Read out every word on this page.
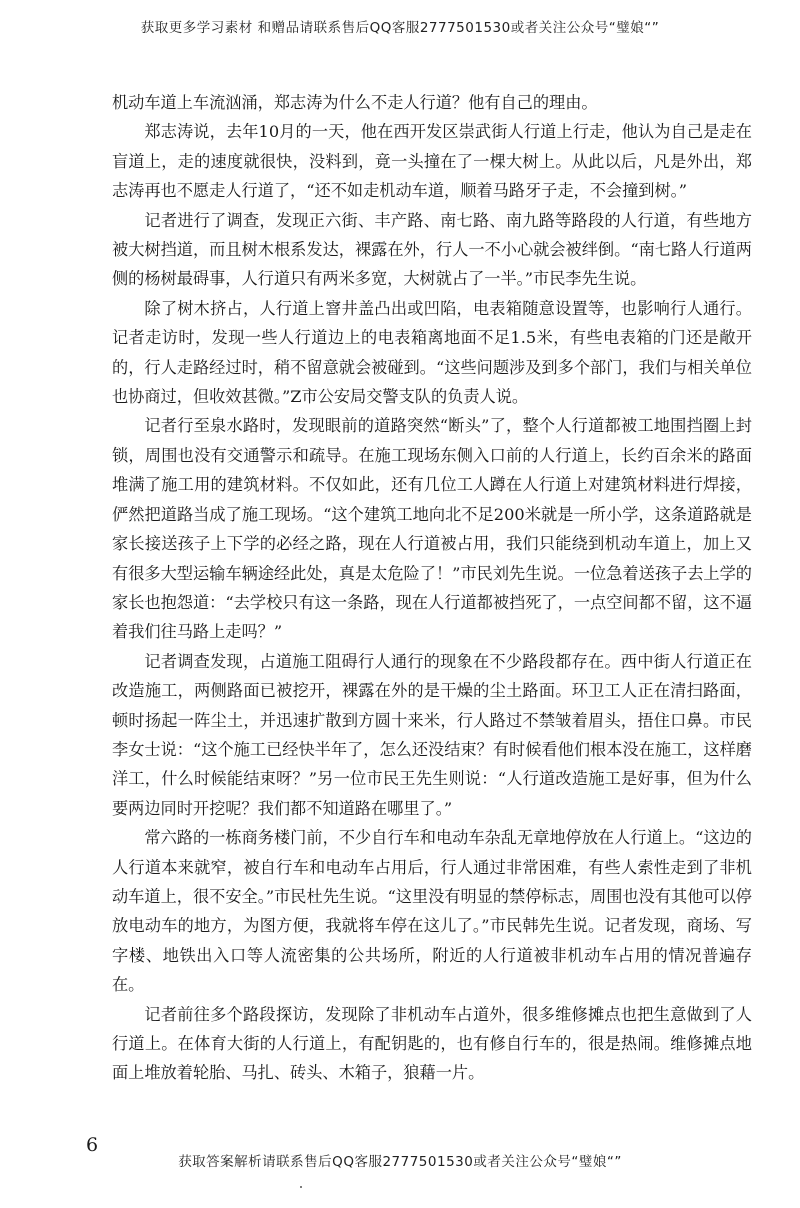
获取更多学习素材 和赠品请联系售后QQ客服2777501530或者关注公众号“璧娘“”

机动车道上车流汹涌，郑志涛为什么不走人行道？他有自己的理由。

郑志涛说，去年10月的一天，他在西开发区崇武街人行道上行走，他认为自己是走在盲道上，走的速度就很快，没料到，竟一头撞在了一棵大树上。从此以后，凡是外出，郑志涛再也不愿走人行道了，“还不如走机动车道，顺着马路牙子走，不会撞到树。”

记者进行了调查，发现正六街、丰产路、南七路、南九路等路段的人行道，有些地方被大树挡道，而且树木根系发达，裸露在外，行人一不小心就会被绊倒。“南七路人行道两侧的杨树最碍事，人行道只有两米多宽，大树就占了一半。”市民李先生说。

除了树木挤占，人行道上窨井盖凸出或凹陷，电表箱随意设置等，也影响行人通行。记者走访时，发现一些人行道边上的电表箱离地面不足1.5米，有些电表箱的门还是敞开的，行人走路经过时，稍不留意就会被碰到。“这些问题涉及到多个部门，我们与相关单位也协商过，但收效甚微。”Z市公安局交警支队的负责人说。

记者行至泉水路时，发现眼前的道路突然“断头”了，整个人行道都被工地围挡圈上封锁，周围也没有交通警示和疏导。在施工现场东侧入口前的人行道上，长约百余米的路面堆满了施工用的建筑材料。不仅如此，还有几位工人蹲在人行道上对建筑材料进行焊接，俨然把道路当成了施工现场。“这个建筑工地向北不足200米就是一所小学，这条道路就是家长接送孩子上下学的必经之路，现在人行道被占用，我们只能绕到机动车道上，加上又有很多大型运输车辆途经此处，真是太危险了！”市民刘先生说。一位急着送孩子去上学的家长也抱怨道：“去学校只有这一条路，现在人行道都被挡死了，一点空间都不留，这不逼着我们往马路上走吗？”

记者调查发现，占道施工阻碍行人通行的现象在不少路段都存在。西中街人行道正在改造施工，两侧路面已被挖开，裸露在外的是干燥的尘土路面。环卫工人正在清扫路面，顿时扬起一阵尘土，并迅速扩散到方圆十来米，行人路过不禁皱着眉头，捂住口鼻。市民李女士说：“这个施工已经快半年了，怎么还没结束？有时候看他们根本没在施工，这样磨洋工，什么时候能结束呀？”另一位市民王先生则说：“人行道改造施工是好事，但为什么要两边同时开挖呢？我们都不知道路在哪里了。”

常六路的一栋商务楼门前，不少自行车和电动车杂乱无章地停放在人行道上。“这边的人行道本来就窄，被自行车和电动车占用后，行人通过非常困难，有些人索性走到了非机动车道上，很不安全。”市民杜先生说。“这里没有明显的禁停标志，周围也没有其他可以停放电动车的地方，为图方便，我就将车停在这儿了。”市民韩先生说。记者发现，商场、写字楼、地铁出入口等人流密集的公共场所，附近的人行道被非机动车占用的情况普遍存在。

记者前往多个路段探访，发现除了非机动车占道外，很多维修摊点也把生意做到了人行道上。在体育大街的人行道上，有配钥匙的，也有修自行车的，很是热闹。维修摊点地面上堆放着轮胎、马扎、砖头、木箱子，狼藉一片。

6
获取答案解析请联系售后QQ客服2777501530或者关注公众号“璧娘“”
